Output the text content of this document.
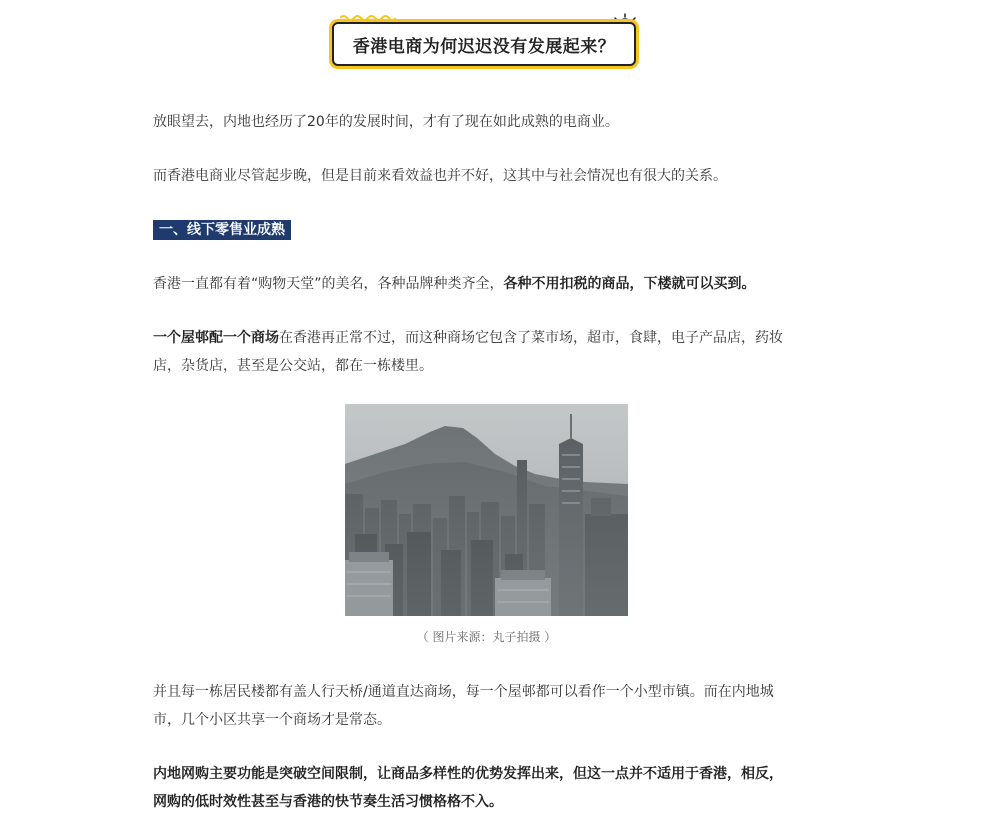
香港电商为何迟迟没有发展起来？

放眼望去，内地也经历了20年的发展时间，才有了现在如此成熟的电商业。

而香港电商业尽管起步晚，但是目前来看效益也并不好，这其中与社会情况也有很大的关系。

一、线下零售业成熟

香港一直都有着“购物天堂”的美名，各种品牌种类齐全，各种不用扣税的商品，下楼就可以买到。

一个屋邨配一个商场在香港再正常不过，而这种商场它包含了菜市场，超市，食肆，电子产品店，药妆
店，杂货店，甚至是公交站，都在一栋楼里。

（ 图片来源：丸子拍摄 ）

并且每一栋居民楼都有盖人行天桥/通道直达商场，每一个屋邨都可以看作一个小型市镇。而在内地城
市，几个小区共享一个商场才是常态。

内地网购主要功能是突破空间限制，让商品多样性的优势发挥出来，但这一点并不适用于香港，相反，
网购的低时效性甚至与香港的快节奏生活习惯格格不入。
